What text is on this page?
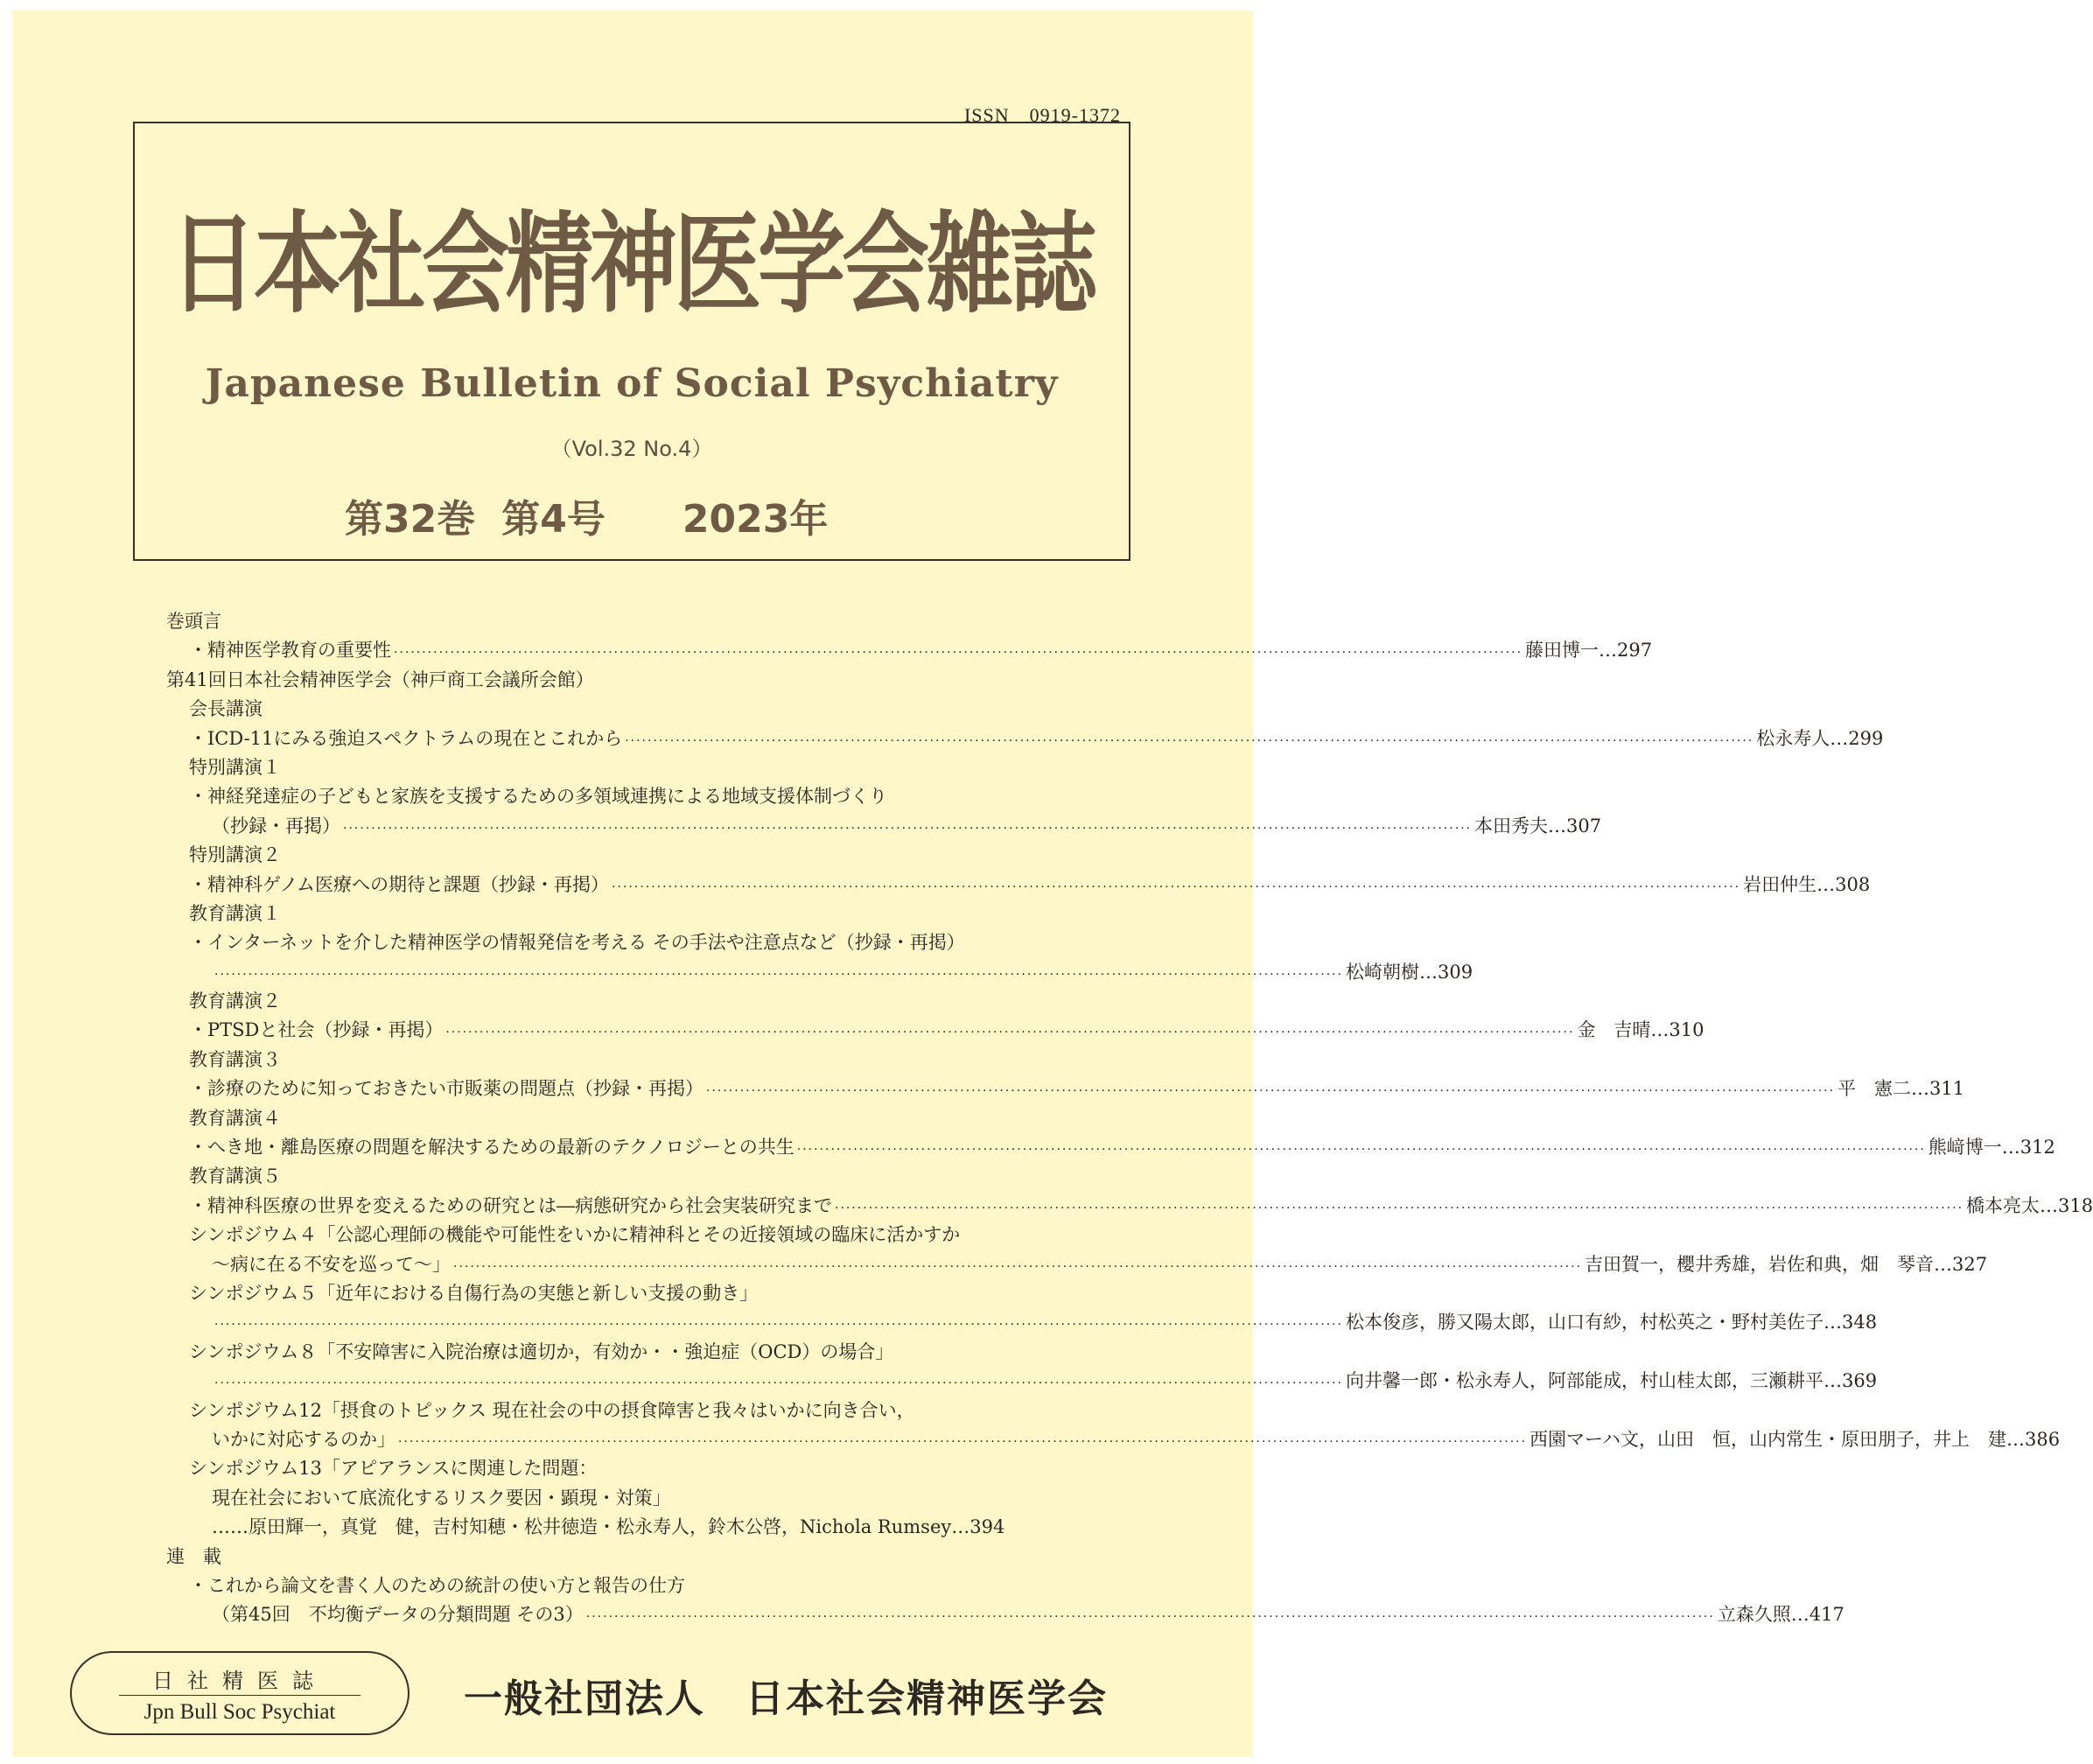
ISSN　0919-1372
日本社会精神医学会雑誌
Japanese Bulletin of Social Psychiatry
（Vol.32 No.4）
第32巻 第4号 2023年
巻頭言
・精神医学教育の重要性 ········································································································································································································ 藤田博一…297
第41回日本社会精神医学会（神戸商工会議所会館）
会長講演
・ICD-11にみる強迫スペクトラムの現在とこれから ········································································································································································································ 松永寿人…299
特別講演１
・神経発達症の子どもと家族を支援するための多領域連携による地域支援体制づくり
（抄録・再掲） ········································································································································································································ 本田秀夫…307
特別講演２
・精神科ゲノム医療への期待と課題（抄録・再掲） ········································································································································································································ 岩田仲生…308
教育講演１
・インターネットを介した精神医学の情報発信を考える その手法や注意点など（抄録・再掲）
········································································································································································································ 松崎朝樹…309
教育講演２
・PTSDと社会（抄録・再掲） ········································································································································································································ 金　吉晴…310
教育講演３
・診療のために知っておきたい市販薬の問題点（抄録・再掲） ········································································································································································································ 平　憲二…311
教育講演４
・へき地・離島医療の問題を解決するための最新のテクノロジーとの共生 ········································································································································································································ 熊﨑博一…312
教育講演５
・精神科医療の世界を変えるための研究とは―病態研究から社会実装研究まで ········································································································································································································ 橋本亮太…318
シンポジウム４「公認心理師の機能や可能性をいかに精神科とその近接領域の臨床に活かすか
～病に在る不安を巡って～」 ········································································································································································································ 吉田賀一，櫻井秀雄，岩佐和典，畑　琴音…327
シンポジウム５「近年における自傷行為の実態と新しい支援の動き」
········································································································································································································ 松本俊彦，勝又陽太郎，山口有紗，村松英之・野村美佐子…348
シンポジウム８「不安障害に入院治療は適切か，有効か・・強迫症（OCD）の場合」
········································································································································································································ 向井馨一郎・松永寿人，阿部能成，村山桂太郎，三瀬耕平…369
シンポジウム12「摂食のトピックス 現在社会の中の摂食障害と我々はいかに向き合い，
いかに対応するのか」 ········································································································································································································ 西園マーハ文，山田　恒，山内常生・原田朋子，井上　建…386
シンポジウム13「アピアランスに関連した問題：
現在社会において底流化するリスク要因・顕現・対策」
……原田輝一，真覚　健，吉村知穂・松井徳造・松永寿人，鈴木公啓，Nichola Rumsey…394
連　載
・これから論文を書く人のための統計の使い方と報告の仕方
（第45回　不均衡データの分類問題 その3） ········································································································································································································ 立森久照…417
日社精医誌
Jpn Bull Soc Psychiat	一般社団法人　日本社会精神医学会
